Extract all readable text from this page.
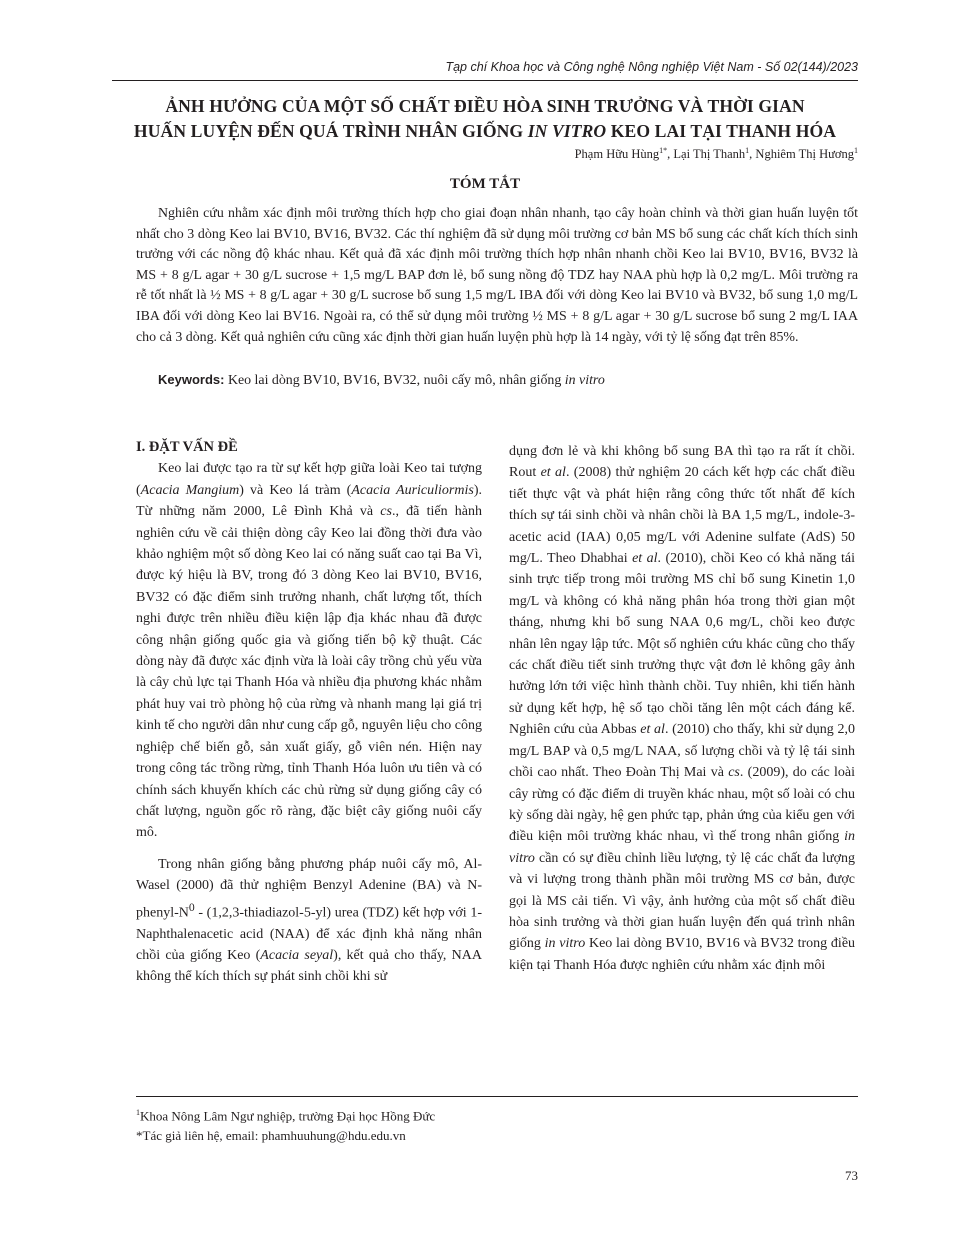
Tạp chí Khoa học và Công nghệ Nông nghiệp Việt Nam - Số 02(144)/2023
ẢNH HƯỞNG CỦA MỘT SỐ CHẤT ĐIỀU HÒA SINH TRƯỞNG VÀ THỜI GIAN
HUẤN LUYỆN ĐẾN QUÁ TRÌNH NHÂN GIỐNG IN VITRO KEO LAI TẠI THANH HÓA
Phạm Hữu Hùng$^{1*}$, Lại Thị Thanh$^1$, Nghiêm Thị Hương$^1$
TÓM TẮT
Nghiên cứu nhằm xác định môi trường thích hợp cho giai đoạn nhân nhanh, tạo cây hoàn chỉnh và thời gian huấn luyện tốt nhất cho 3 dòng Keo lai BV10, BV16, BV32. Các thí nghiệm đã sử dụng môi trường cơ bản MS bổ sung các chất kích thích sinh trưởng với các nồng độ khác nhau. Kết quả đã xác định môi trường thích hợp nhân nhanh chồi Keo lai BV10, BV16, BV32 là MS + 8 g/L agar + 30 g/L sucrose + 1,5 mg/L BAP đơn lẻ, bổ sung nồng độ TDZ hay NAA phù hợp là 0,2 mg/L. Môi trường ra rễ tốt nhất là ½ MS + 8 g/L agar + 30 g/L sucrose bổ sung 1,5 mg/L IBA đối với dòng Keo lai BV10 và BV32, bổ sung 1,0 mg/L IBA đối với dòng Keo lai BV16. Ngoài ra, có thể sử dụng môi trường ½ MS + 8 g/L agar + 30 g/L sucrose bổ sung 2 mg/L IAA cho cả 3 dòng. Kết quả nghiên cứu cũng xác định thời gian huấn luyện phù hợp là 14 ngày, với tỷ lệ sống đạt trên 85%.
Keywords: Keo lai dòng BV10, BV16, BV32, nuôi cấy mô, nhân giống in vitro

I. ĐẶT VẤN ĐỀ

Keo lai được tạo ra từ sự kết hợp giữa loài Keo tai tượng (Acacia Mangium) và Keo lá tràm (Acacia Auriculiormis). Từ những năm 2000, Lê Đình Khả và cs., đã tiến hành nghiên cứu về cải thiện dòng cây Keo lai đồng thời đưa vào khảo nghiệm một số dòng Keo lai có năng suất cao tại Ba Vì, được ký hiệu là BV, trong đó 3 dòng Keo lai BV10, BV16, BV32 có đặc điểm sinh trưởng nhanh, chất lượng tốt, thích nghi được trên nhiều điều kiện lập địa khác nhau đã được công nhận giống quốc gia và giống tiến bộ kỹ thuật. Các dòng này đã được xác định vừa là loài cây trồng chủ yếu vừa là cây chủ lực tại Thanh Hóa và nhiều địa phương khác nhằm phát huy vai trò phòng hộ của rừng và nhanh mang lại giá trị kinh tế cho người dân như cung cấp gỗ, nguyên liệu cho công nghiệp chế biến gỗ, sản xuất giấy, gỗ viên nén. Hiện nay trong công tác trồng rừng, tỉnh Thanh Hóa luôn ưu tiên và có chính sách khuyến khích các chủ rừng sử dụng giống cây có chất lượng, nguồn gốc rõ ràng, đặc biệt cây giống nuôi cấy mô.

Trong nhân giống bằng phương pháp nuôi cấy mô, Al-Wasel (2000) đã thử nghiệm Benzyl Adenine (BA) và $N-phenyl-N^0$ - (1,2,3-thiadiazol-5-yl) urea (TDZ) kết hợp với 1-Naphthalenacetic acid (NAA) để xác định khả năng nhân chồi của giống Keo (Acacia seyal), kết quả cho thấy, NAA không thể kích thích sự phát sinh chồi khi sử

dụng đơn lẻ và khi không bổ sung BA thì tạo ra rất ít chồi. Rout et al. (2008) thử nghiệm 20 cách kết hợp các chất điều tiết thực vật và phát hiện rằng công thức tốt nhất để kích thích sự tái sinh chồi và nhân chồi là BA 1,5 mg/L, indole-3-acetic acid (IAA) 0,05 mg/L với Adenine sulfate (AdS) 50 mg/L. Theo Dhabhai et al. (2010), chồi Keo có khả năng tái sinh trực tiếp trong môi trường MS chỉ bổ sung Kinetin 1,0 mg/L và không có khả năng phân hóa trong thời gian một tháng, nhưng khi bổ sung NAA 0,6 mg/L, chồi keo được nhân lên ngay lập tức. Một số nghiên cứu khác cũng cho thấy các chất điều tiết sinh trưởng thực vật đơn lẻ không gây ảnh hưởng lớn tới việc hình thành chồi. Tuy nhiên, khi tiến hành sử dụng kết hợp, hệ số tạo chồi tăng lên một cách đáng kể. Nghiên cứu của Abbas et al. (2010) cho thấy, khi sử dụng 2,0 mg/L BAP và 0,5 mg/L NAA, số lượng chồi và tỷ lệ tái sinh chồi cao nhất. Theo Đoàn Thị Mai và cs. (2009), do các loài cây rừng có đặc điểm di truyền khác nhau, một số loài có chu kỳ sống dài ngày, hệ gen phức tạp, phản ứng của kiểu gen với điều kiện môi trường khác nhau, vì thế trong nhân giống in vitro cần có sự điều chỉnh liều lượng, tỷ lệ các chất đa lượng và vi lượng trong thành phần môi trường MS cơ bản, được gọi là MS cải tiến. Vì vậy, ảnh hưởng của một số chất điều hòa sinh trưởng và thời gian huấn luyện đến quá trình nhân giống in vitro Keo lai dòng BV10, BV16 và BV32 trong điều kiện tại Thanh Hóa được nghiên cứu nhằm xác định môi

$^1$Khoa Nông Lâm Ngư nghiệp, trường Đại học Hồng Đức
*Tác giả liên hệ, email: phamhuuhung@hdu.edu.vn
73
